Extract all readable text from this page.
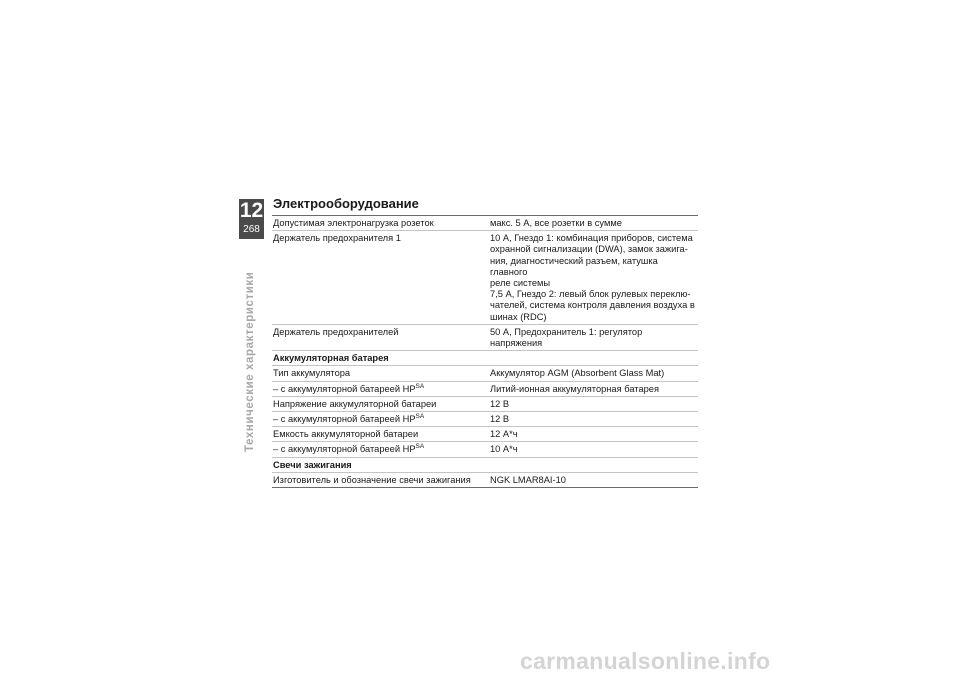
12
268
Технические характеристики
Электрооборудование
Допустимая электронагрузка розеток	макс. 5 А, все розетки в сумме
Держатель предохранителя 1	10 А, Гнездо 1: комбинация приборов, система
охранной сигнализации (DWA), замок зажига-
ния, диагностический разъем, катушка главного
реле системы
7,5 А, Гнездо 2: левый блок рулевых переклю-
чателей, система контроля давления воздуха в
шинах (RDC)
Держатель предохранителей	50 А, Предохранитель 1: регулятор напряжения
Аккумуляторная батарея
Тип аккумулятора	Аккумулятор AGM (Absorbent Glass Mat)
– с аккумуляторной батареей $HP^{SA}$	Литий-ионная аккумуляторная батарея
Напряжение аккумуляторной батареи	12 В
– с аккумуляторной батареей $HP^{SA}$	12 В
Емкость аккумуляторной батареи	12 А*ч
– с аккумуляторной батареей $HP^{SA}$	10 А*ч
Свечи зажигания
Изготовитель и обозначение свечи зажигания	NGK LMAR8AI-10
carmanualsonline.info
